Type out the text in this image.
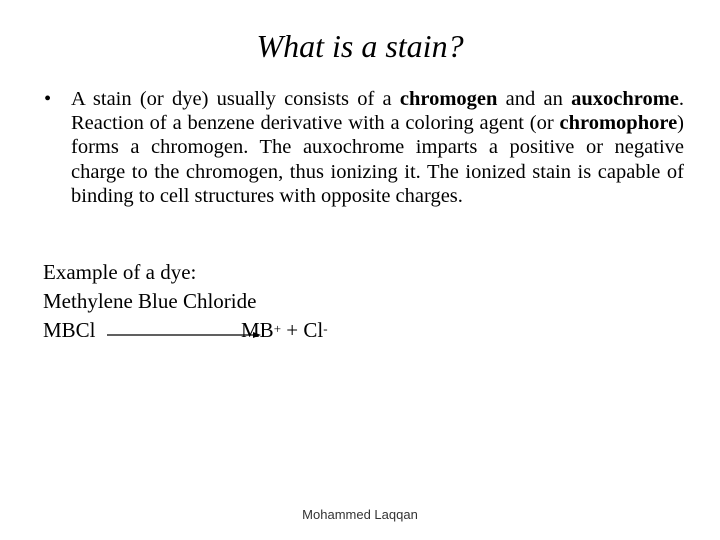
What is a stain?
• A stain (or dye) usually consists of a chromogen and an auxochrome. Reaction of a benzene derivative with a coloring agent (or chromophore) forms a chromogen. The auxochrome imparts a positive or negative charge to the chromogen, thus ionizing it. The ionized stain is capable of binding to cell structures with opposite charges.
Example of a dye:
Methylene Blue Chloride
MBCl	MB+ + Cl-
Mohammed Laqqan
